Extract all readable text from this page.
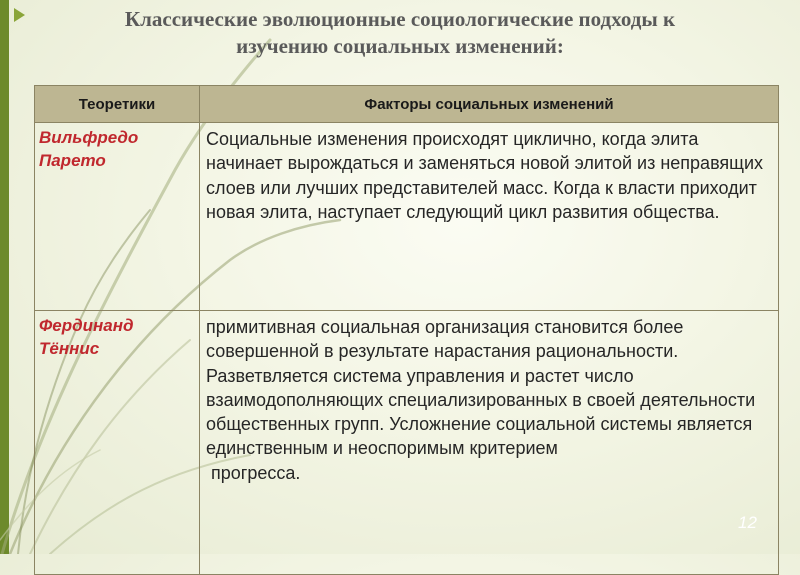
Классические эволюционные социологические подходы к
изучению социальных изменений:
Теоретики	Факторы социальных изменений
Вильфредо Парето	Социальные изменения происходят циклично, когда элита начинает вырождаться и заменяться новой элитой из неправящих слоев или лучших представителей масс. Когда к власти приходит новая элита, наступает следующий цикл развития общества.
Фердинанд Тённис	примитивная социальная организация становится более совершенной в результате нарастания рациональности. Разветвляется система управления и растет число взаимодополняющих специализированных в своей деятельности общественных групп. Усложнение социальной системы является единственным и неоспоримым критерием
прогресса.
12
